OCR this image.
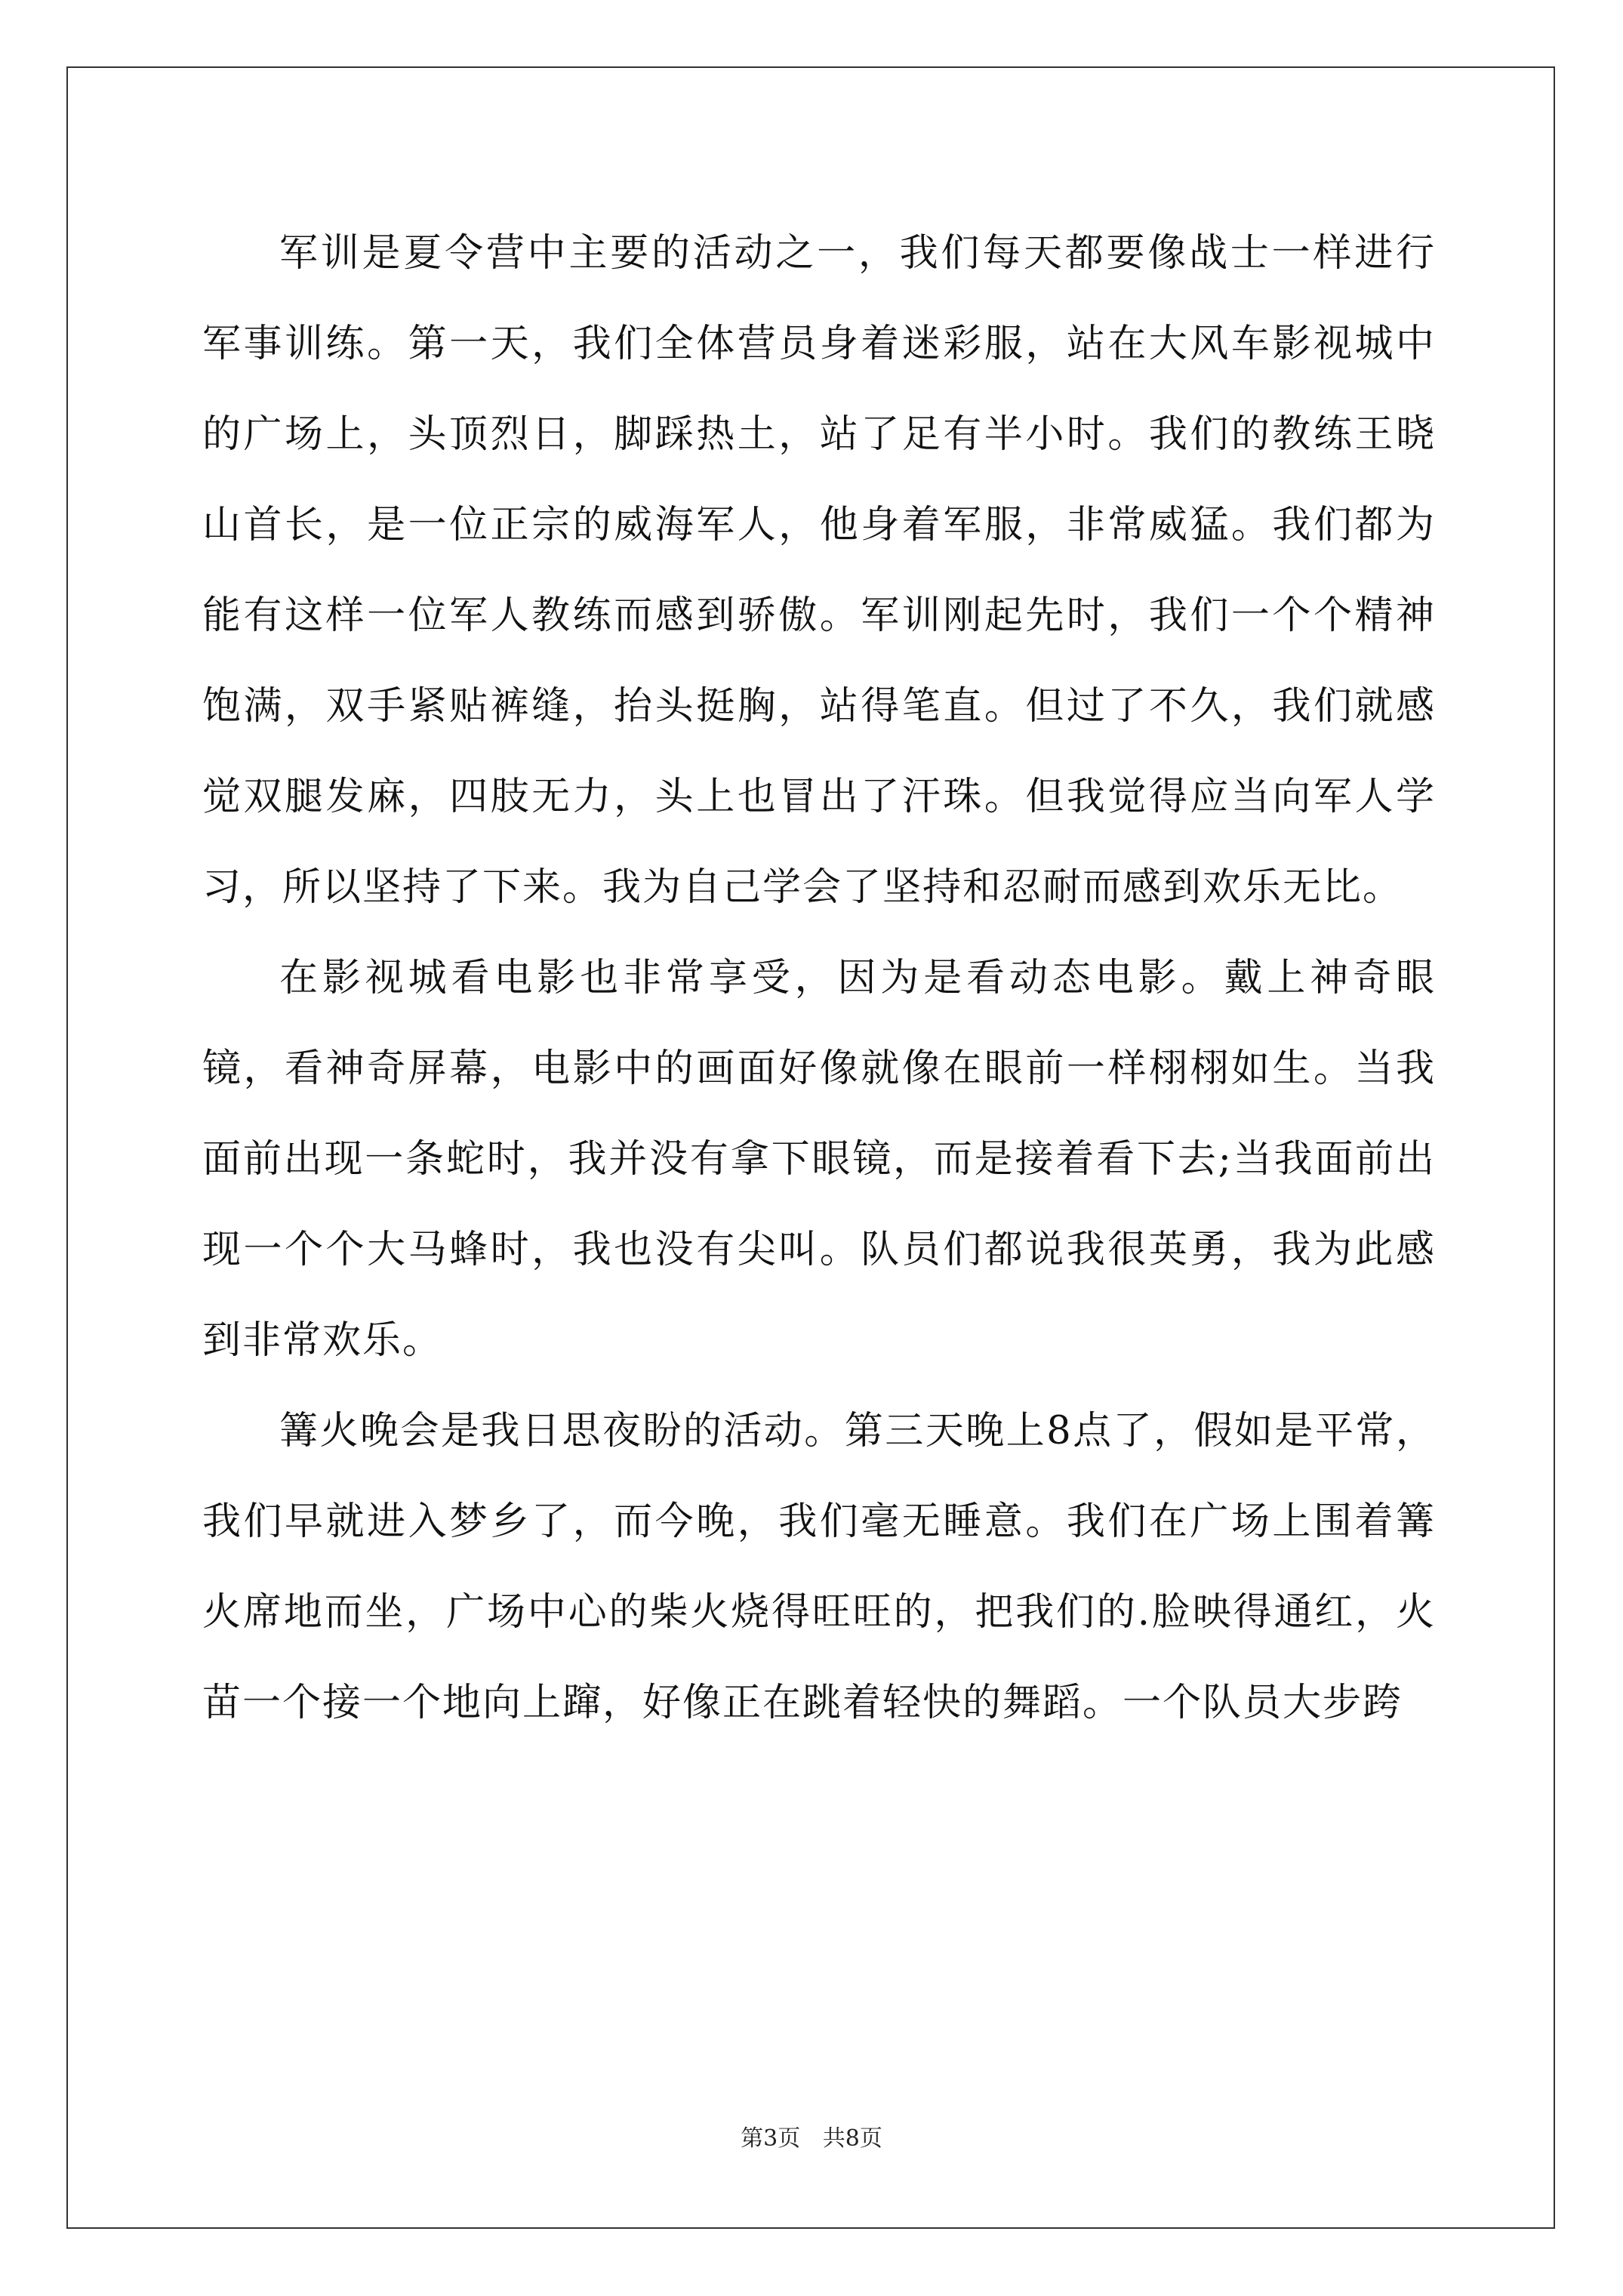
军训是夏令营中主要的活动之一，我们每天都要像战士一样进行军事训练。第一天，我们全体营员身着迷彩服，站在大风车影视城中的广场上，头顶烈日，脚踩热土，站了足有半小时。我们的教练王晓山首长，是一位正宗的威海军人，他身着军服，非常威猛。我们都为能有这样一位军人教练而感到骄傲。军训刚起先时，我们一个个精神饱满，双手紧贴裤缝，抬头挺胸，站得笔直。但过了不久，我们就感觉双腿发麻，四肢无力，头上也冒出了汗珠。但我觉得应当向军人学习，所以坚持了下来。我为自己学会了坚持和忍耐而感到欢乐无比。

在影视城看电影也非常享受，因为是看动态电影。戴上神奇眼镜，看神奇屏幕，电影中的画面好像就像在眼前一样栩栩如生。当我面前出现一条蛇时，我并没有拿下眼镜，而是接着看下去;当我面前出现一个个大马蜂时，我也没有尖叫。队员们都说我很英勇，我为此感到非常欢乐。

篝火晚会是我日思夜盼的活动。第三天晚上8点了，假如是平常，我们早就进入梦乡了，而今晚，我们毫无睡意。我们在广场上围着篝火席地而坐，广场中心的柴火烧得旺旺的，把我们的.脸映得通红，火苗一个接一个地向上蹿，好像正在跳着轻快的舞蹈。一个队员大步跨

第3页 共8页
